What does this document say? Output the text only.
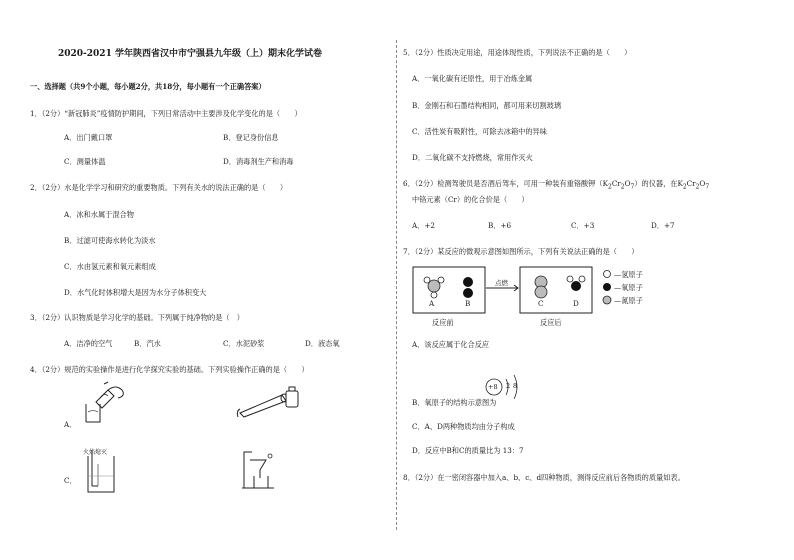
2020-2021 学年陕西省汉中市宁强县九年级（上）期末化学试卷
一、选择题（共9个小题，每小题2分，共18分，每小题有一个正确答案）
1．（2分）“新冠肺炎”疫情防护期间，下列日常活动中主要涉及化学变化的是（　　）
A．出门戴口罩	B．登记身份信息
C．测量体温	D．消毒剂生产和消毒
2．（2分）水是化学学习和研究的重要物质。下列有关水的说法正确的是（　　）
A．冰和水属于混合物
B．过滤可使海水转化为淡水
C．水由氢元素和氧元素组成
D．水气化时体积增大是因为水分子体积变大
3．（2分）认识物质是学习化学的基础。下列属于纯净物的是（　）
A．洁净的空气	B．汽水	C．水泥砂浆	D．液态氧
4．（2分）规范的实验操作是进行化学探究实验的基础。下列实验操作正确的是（　　）
A．
火焰熄灭
C．
5．（2分）性质决定用途，用途体现性质，下列说法不正确的是（　　）
A．一氧化碳有还原性，用于冶炼金属
B．金刚石和石墨结构相同，都可用来切割玻璃
C．活性炭有吸附性，可除去冰箱中的异味
D．二氧化碳不支持燃烧，常用作灭火
6．（2分）检测驾驶员是否酒后驾车，可用一种装有重铬酸钾$(K_2Cr_2O_7)$的仪器，在$K_2Cr_2O_7$
中铬元素（Cr）的化合价是（　　）
A．+2	B．+6	C．+3	D．+7
7．（2分）某反应的微观示意图如图所示，下列有关说法正确的是（　　）
A	B	C	D
点燃
反应前	反应后
—氢原子
—氧原子
—氮原子
A．该反应属于化合反应
+8 2 8
B．氧原子的结构示意图为
C．A、D两种物质均由分子构成
D．反应中B和C的质量比为 13：7
8．（2分）在一密闭容器中加入a、b、c、d四种物质，测得反应前后各物质的质量如表。
